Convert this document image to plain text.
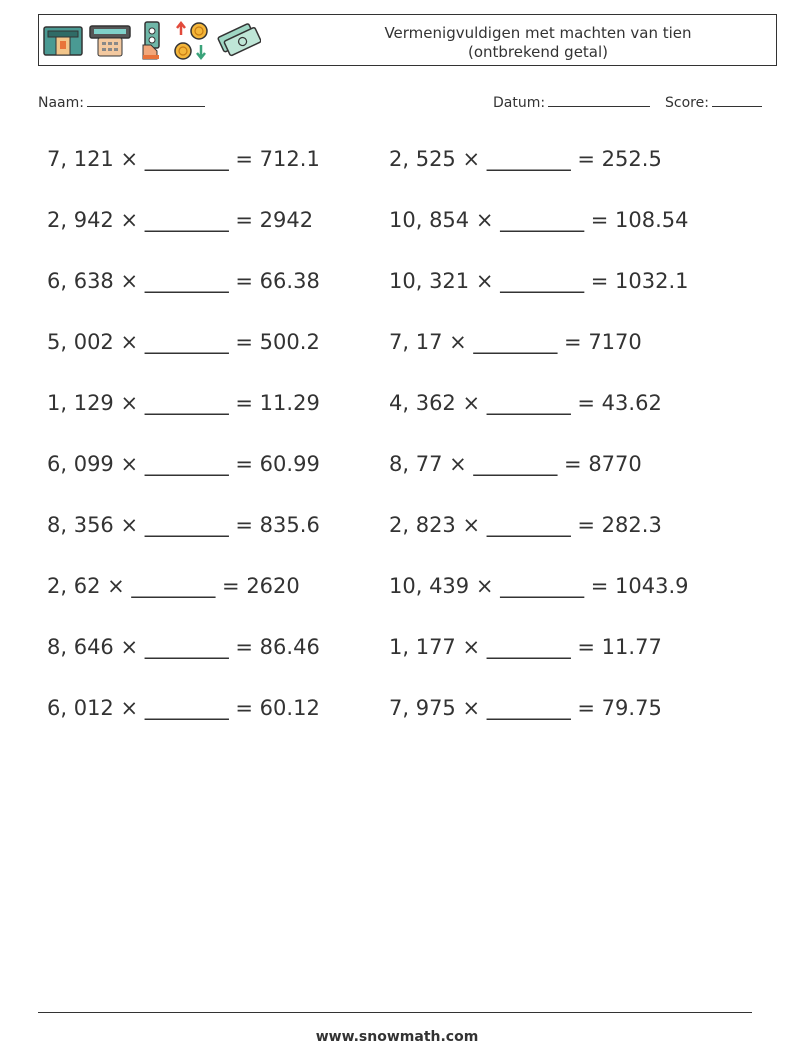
Vermenigvuldigen met machten van tien
(ontbrekend getal)
Naam:	Datum:	Score:
7, 121 × ________ = 712.1	2, 525 × ________ = 252.5
2, 942 × ________ = 2942	10, 854 × ________ = 108.54
6, 638 × ________ = 66.38	10, 321 × ________ = 1032.1
5, 002 × ________ = 500.2	7, 17 × ________ = 7170
1, 129 × ________ = 11.29	4, 362 × ________ = 43.62
6, 099 × ________ = 60.99	8, 77 × ________ = 8770
8, 356 × ________ = 835.6	2, 823 × ________ = 282.3
2, 62 × ________ = 2620	10, 439 × ________ = 1043.9
8, 646 × ________ = 86.46	1, 177 × ________ = 11.77
6, 012 × ________ = 60.12	7, 975 × ________ = 79.75
www.snowmath.com
